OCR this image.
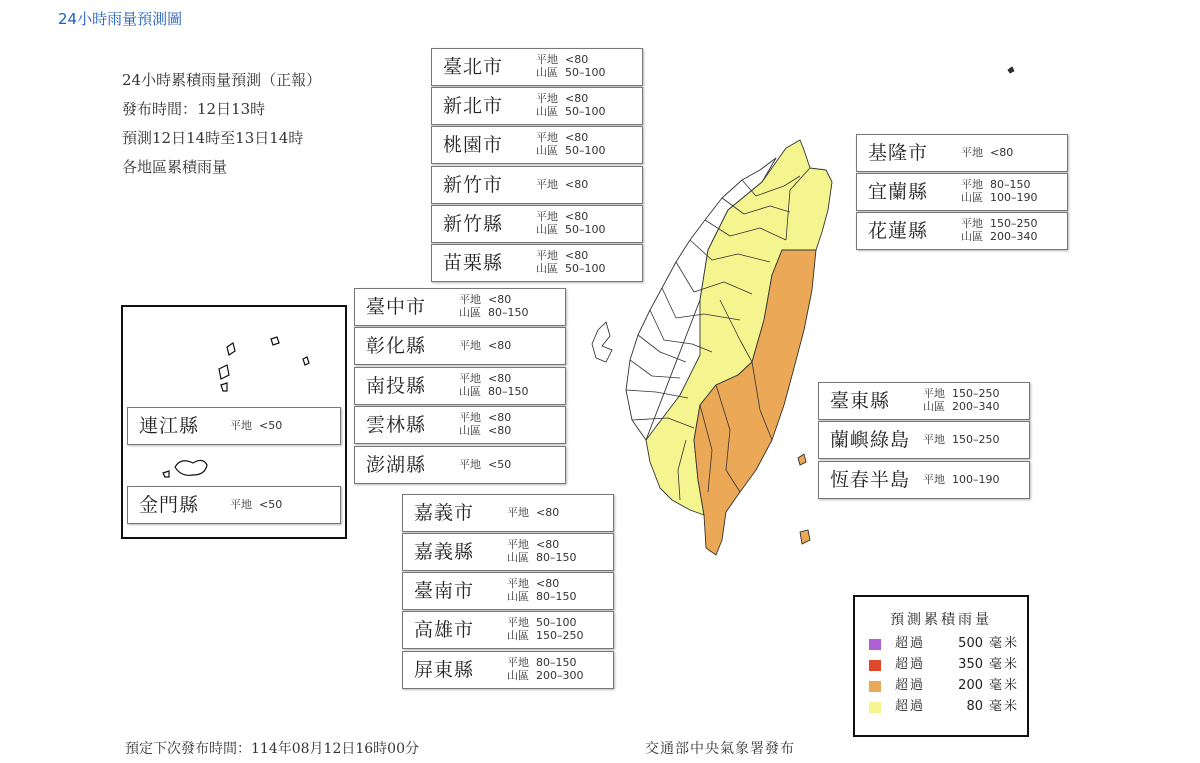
24小時雨量預測圖
24小時累積雨量預測（正報）
發布時間：12日13時
預測12日14時至13日14時
各地區累積雨量
臺北市	平地 <80
山區 50–100
新北市	平地 <80
山區 50–100
桃園市	平地 <80
山區 50–100
新竹市	平地 <80
新竹縣	平地 <80
山區 50–100
苗栗縣	平地 <80
山區 50–100
臺中市	平地 <80
山區 80–150
彰化縣	平地 <80
南投縣	平地 <80
山區 80–150
雲林縣	平地 <80
山區 <80
澎湖縣	平地 <50
嘉義市	平地 <80
嘉義縣	平地 <80
山區 80–150
臺南市	平地 <80
山區 80–150
高雄市	平地 50–100
山區 150–250
屏東縣	平地 80–150
山區 200–300
基隆市	平地 <80
宜蘭縣	平地 80–150
山區 100–190
花蓮縣	平地 150–250
山區 200–340
臺東縣	平地 150–250
山區 200–340
蘭嶼綠島 平地 150–250
恆春半島 平地 100–190
連江縣	平地 <50
金門縣	平地 <50
預測累積雨量
超過	500 毫米
超過	350 毫米
超過	200 毫米
超過	80 毫米
預定下次發布時間：114年08月12日16時00分	交通部中央氣象署發布
